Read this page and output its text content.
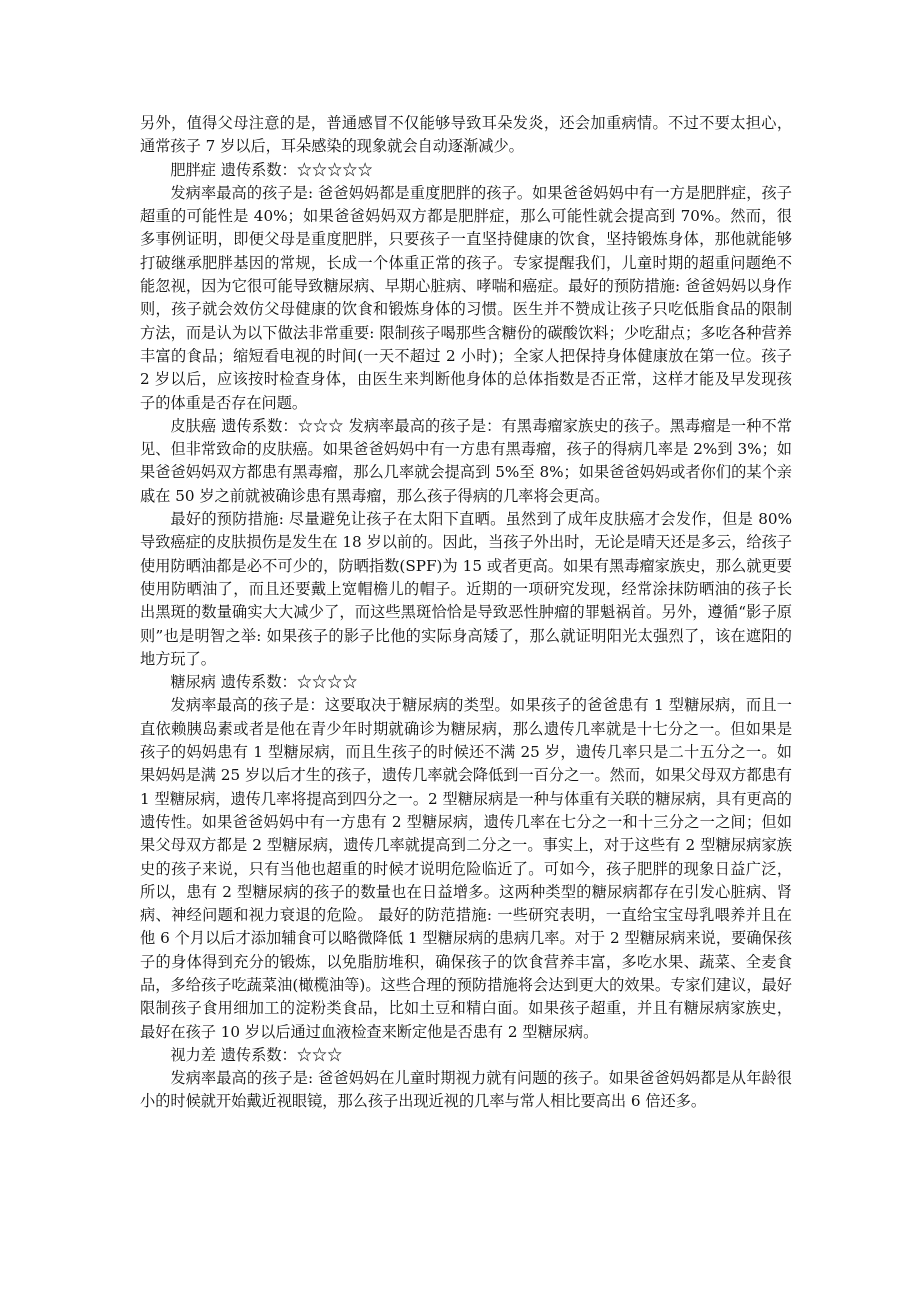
另外，值得父母注意的是，普通感冒不仅能够导致耳朵发炎，还会加重病情。不过不要太担心，通常孩子 7 岁以后，耳朵感染的现象就会自动逐渐减少。

肥胖症 遗传系数：☆☆☆☆☆

发病率最高的孩子是: 爸爸妈妈都是重度肥胖的孩子。如果爸爸妈妈中有一方是肥胖症，孩子超重的可能性是 40%；如果爸爸妈妈双方都是肥胖症，那么可能性就会提高到 70%。然而，很多事例证明，即便父母是重度肥胖，只要孩子一直坚持健康的饮食，坚持锻炼身体，那他就能够打破继承肥胖基因的常规，长成一个体重正常的孩子。专家提醒我们，儿童时期的超重问题绝不能忽视，因为它很可能导致糖尿病、早期心脏病、哮喘和癌症。最好的预防措施: 爸爸妈妈以身作则，孩子就会效仿父母健康的饮食和锻炼身体的习惯。医生并不赞成让孩子只吃低脂食品的限制方法，而是认为以下做法非常重要: 限制孩子喝那些含糖份的碳酸饮料；少吃甜点；多吃各种营养丰富的食品；缩短看电视的时间(一天不超过 2 小时)；全家人把保持身体健康放在第一位。孩子 2 岁以后，应该按时检查身体，由医生来判断他身体的总体指数是否正常，这样才能及早发现孩子的体重是否存在问题。

皮肤癌 遗传系数：☆☆☆ 发病率最高的孩子是：有黑毒瘤家族史的孩子。黑毒瘤是一种不常见、但非常致命的皮肤癌。如果爸爸妈妈中有一方患有黑毒瘤，孩子的得病几率是 2%到 3%；如果爸爸妈妈双方都患有黑毒瘤，那么几率就会提高到 5%至 8%；如果爸爸妈妈或者你们的某个亲戚在 50 岁之前就被确诊患有黑毒瘤，那么孩子得病的几率将会更高。

最好的预防措施: 尽量避免让孩子在太阳下直晒。虽然到了成年皮肤癌才会发作，但是 80%导致癌症的皮肤损伤是发生在 18 岁以前的。因此，当孩子外出时，无论是晴天还是多云，给孩子使用防晒油都是必不可少的，防晒指数(SPF)为 15 或者更高。如果有黑毒瘤家族史，那么就更要使用防晒油了，而且还要戴上宽帽檐儿的帽子。近期的一项研究发现，经常涂抹防晒油的孩子长出黑斑的数量确实大大减少了，而这些黑斑恰恰是导致恶性肿瘤的罪魁祸首。另外，遵循“影子原则”也是明智之举: 如果孩子的影子比他的实际身高矮了，那么就证明阳光太强烈了，该在遮阳的地方玩了。

糖尿病 遗传系数：☆☆☆☆

发病率最高的孩子是：这要取决于糖尿病的类型。如果孩子的爸爸患有 1 型糖尿病，而且一直依赖胰岛素或者是他在青少年时期就确诊为糖尿病，那么遗传几率就是十七分之一。但如果是孩子的妈妈患有 1 型糖尿病，而且生孩子的时候还不满 25 岁，遗传几率只是二十五分之一。如果妈妈是满 25 岁以后才生的孩子，遗传几率就会降低到一百分之一。然而，如果父母双方都患有 1 型糖尿病，遗传几率将提高到四分之一。2 型糖尿病是一种与体重有关联的糖尿病，具有更高的遗传性。如果爸爸妈妈中有一方患有 2 型糖尿病，遗传几率在七分之一和十三分之一之间；但如果父母双方都是 2 型糖尿病，遗传几率就提高到二分之一。事实上，对于这些有 2 型糖尿病家族史的孩子来说，只有当他也超重的时候才说明危险临近了。可如今，孩子肥胖的现象日益广泛，所以，患有 2 型糖尿病的孩子的数量也在日益增多。这两种类型的糖尿病都存在引发心脏病、肾病、神经问题和视力衰退的危险。 最好的防范措施: 一些研究表明，一直给宝宝母乳喂养并且在他 6 个月以后才添加辅食可以略微降低 1 型糖尿病的患病几率。对于 2 型糖尿病来说，要确保孩子的身体得到充分的锻炼，以免脂肪堆积，确保孩子的饮食营养丰富，多吃水果、蔬菜、全麦食品，多给孩子吃蔬菜油(橄榄油等)。这些合理的预防措施将会达到更大的效果。专家们建议，最好限制孩子食用细加工的淀粉类食品，比如土豆和精白面。如果孩子超重，并且有糖尿病家族史，最好在孩子 10 岁以后通过血液检查来断定他是否患有 2 型糖尿病。

视力差 遗传系数：☆☆☆

发病率最高的孩子是: 爸爸妈妈在儿童时期视力就有问题的孩子。如果爸爸妈妈都是从年龄很小的时候就开始戴近视眼镜，那么孩子出现近视的几率与常人相比要高出 6 倍还多。
